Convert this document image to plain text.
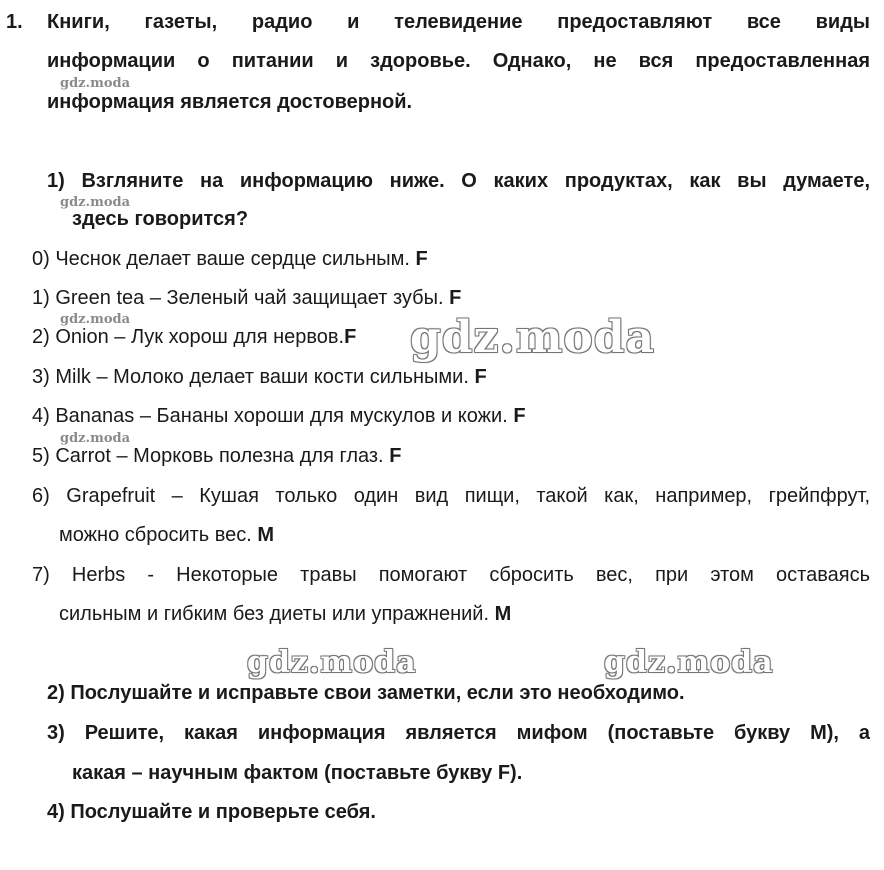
1. Книги, газеты, радио и телевидение предоставляют все виды
информации о питании и здоровье. Однако, не вся предоставленная
информация является достоверной.
1) Взгляните на информацию ниже. О каких продуктах, как вы думаете,
здесь говорится?
0) Чеснок делает ваше сердце сильным. F
1) Green tea – Зеленый чай защищает зубы. F
2) Onion – Лук хорош для нервов.F
3) Milk – Молоко делает ваши кости сильными. F
4) Bananas – Бананы хороши для мускулов и кожи. F
5) Carrot – Морковь полезна для глаз. F
6) Grapefruit – Кушая только один вид пищи, такой как, например, грейпфрут,
можно сбросить вес. M
7) Herbs - Некоторые травы помогают сбросить вес, при этом оставаясь
сильным и гибким без диеты или упражнений. M
2) Послушайте и исправьте свои заметки, если это необходимо.
3) Решите, какая информация является мифом (поставьте букву М), а
какая – научным фактом (поставьте букву F).
4) Послушайте и проверьте себя.
gdz.moda
gdz.moda
gdz.moda
gdz.moda
gdz.moda
gdz.moda	gdz.moda
